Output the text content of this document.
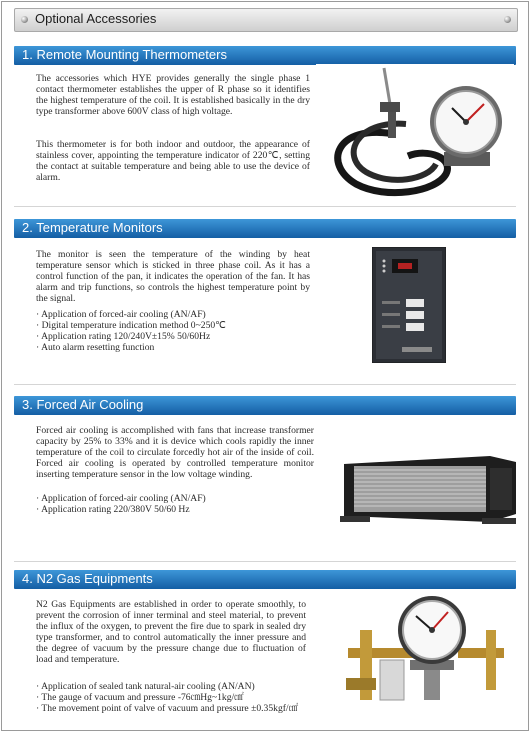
Optional Accessories
1. Remote Mounting Thermometers

The accessories which HYE provides generally the single phase 1 contact thermometer establishes the upper of R phase so it identifies the highest temperature of the coil. It is established basically in the dry type transformer above 600V class of high voltage.

This thermometer is for both indoor and outdoor, the appearance of stainless cover, appointing the temperature indicator of 220℃, setting the contact at suitable temperature and being able to use the device of alarm.

2. Temperature Monitors

The monitor is seen the temperature of the winding by heat temperature sensor which is sticked in three phase coil. As it has a control function of the pan, it indicates the operation of the fan. It has alarm and trip functions, so controls the highest temperature point by the signal.

· Application of forced-air cooling (AN/AF)
· Digital temperature indication method 0~250℃
· Application rating 120/240V±15% 50/60Hz
· Auto alarm resetting function
3. Forced Air Cooling

Forced air cooling is accomplished with fans that increase transformer capacity by 25% to 33% and it is device which cools rapidly the inner temperature of the coil to circulate forcedly hot air of the inside of coil. Forced air cooling is operated by controlled temperature monitor inserting temperature sensor in the low voltage winding.

· Application of forced-air cooling (AN/AF)
· Application rating 220/380V 50/60 Hz
4. N2 Gas Equipments

N2 Gas Equipments are established in order to operate smoothly, to prevent the corrosion of inner terminal and steel material, to prevent the influx of the oxygen, to prevent the fire due to spark in sealed dry type transformer, and to control automatically the inner pressure and the degree of vacuum by the pressure change due to fluctuation of load and temperature.

· Application of sealed tank natural-air cooling (AN/AN)
· The gauge of vacuum and pressure -76㎝Hg~1kg/㎠
· The movement point of valve of vacuum and pressure ±0.35kgf/㎠
